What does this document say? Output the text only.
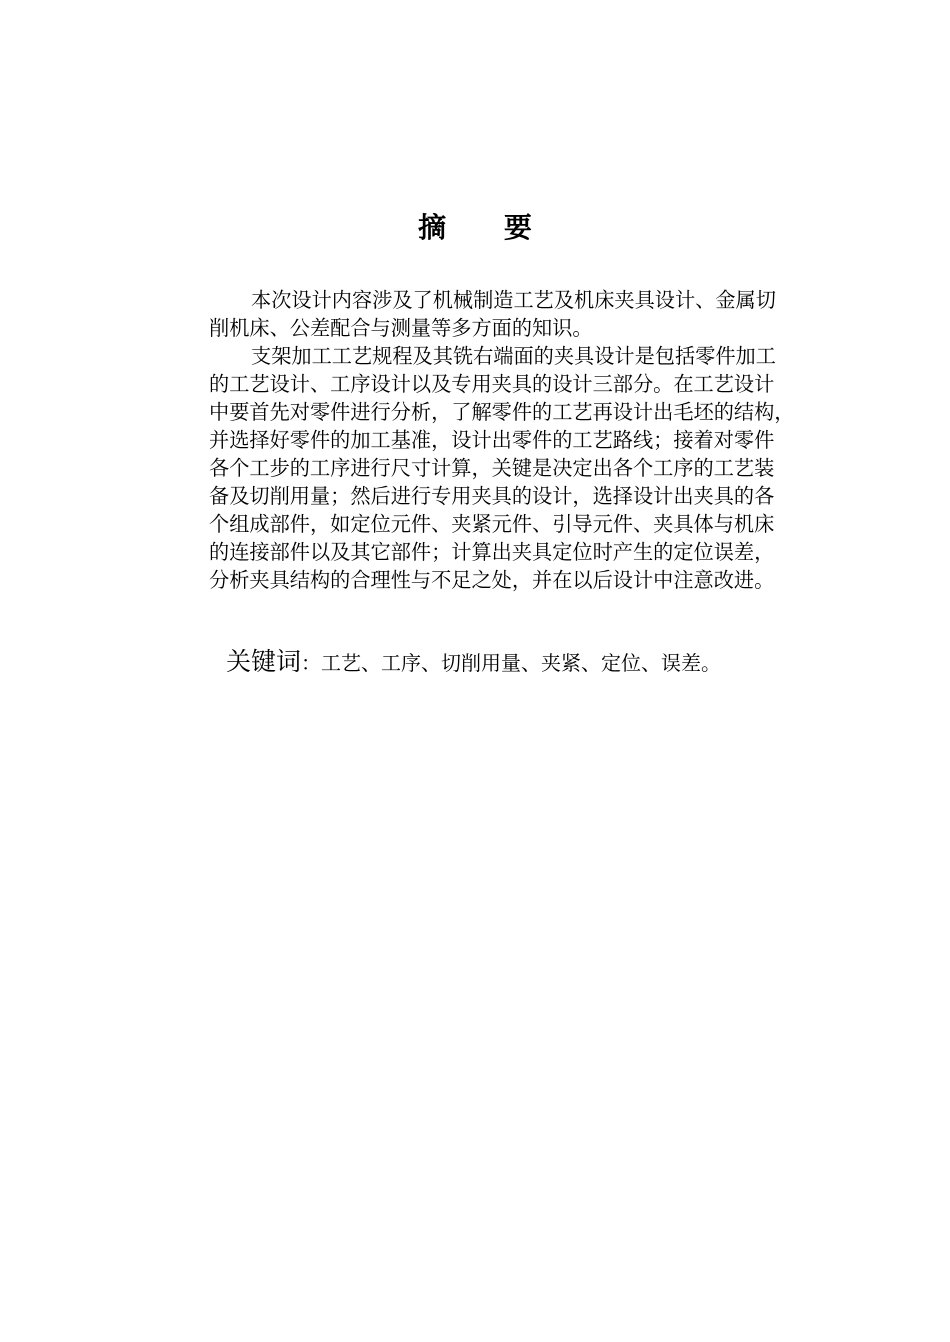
摘 要
本次设计内容涉及了机械制造工艺及机床夹具设计、金属切
削机床、公差配合与测量等多方面的知识。
支架加工工艺规程及其铣右端面的夹具设计是包括零件加工
的工艺设计、工序设计以及专用夹具的设计三部分。在工艺设计
中要首先对零件进行分析，了解零件的工艺再设计出毛坯的结构，
并选择好零件的加工基准，设计出零件的工艺路线；接着对零件
各个工步的工序进行尺寸计算，关键是决定出各个工序的工艺装
备及切削用量；然后进行专用夹具的设计，选择设计出夹具的各
个组成部件，如定位元件、夹紧元件、引导元件、夹具体与机床
的连接部件以及其它部件；计算出夹具定位时产生的定位误差，
分析夹具结构的合理性与不足之处，并在以后设计中注意改进。
关键词：工艺、工序、切削用量、夹紧、定位、误差。
